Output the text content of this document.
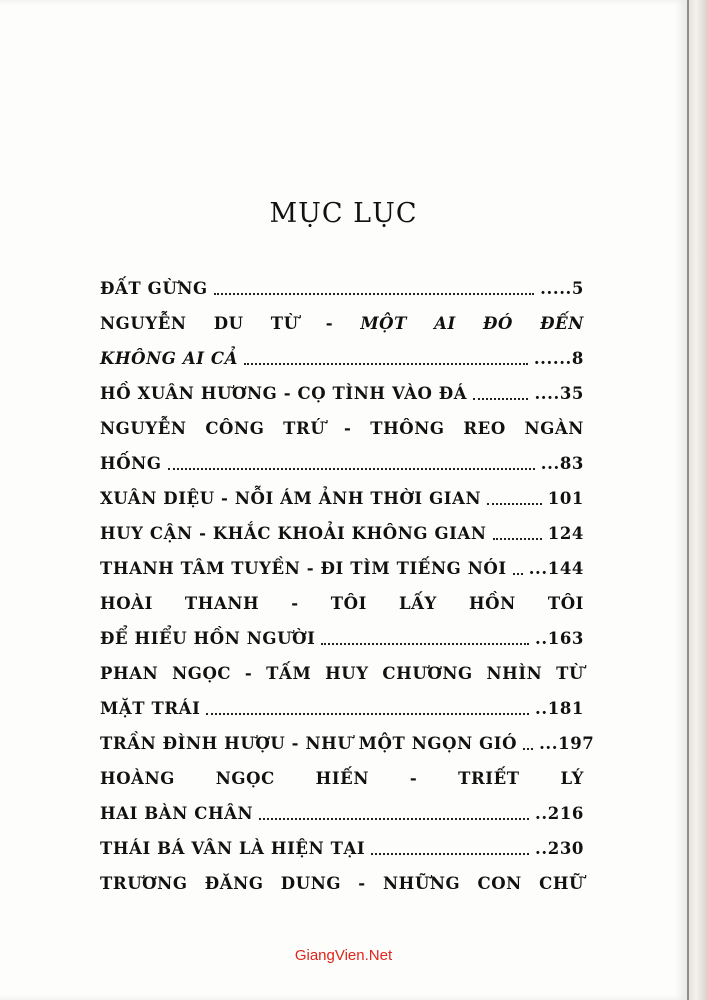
MỤC LỤC
ĐẤT GỪNG	.....5
NGUYỄN DU TỪ - MỘT AI ĐÓ ĐẾN
KHÔNG AI CẢ	......8
HỒ XUÂN HƯƠNG - CỌ TÌNH VÀO ĐÁ	....35
NGUYỄN CÔNG TRỨ - THÔNG REO NGÀN
HỐNG	...83
XUÂN DIỆU - NỖI ÁM ẢNH THỜI GIAN	101
HUY CẬN - KHẮC KHOẢI KHÔNG GIAN	124
THANH TÂM TUYỀN - ĐI TÌM TIẾNG NÓI ...144
HOÀI THANH - TÔI LẤY HỒN TÔI
ĐỂ HIỂU HỒN NGƯỜI	..163
PHAN NGỌC - TẤM HUY CHƯƠNG NHÌN TỪ
MẶT TRÁI	..181
TRẦN ĐÌNH HƯỢU - NHƯ MỘT NGỌN GIÓ ...197
HOÀNG NGỌC HIẾN - TRIẾT LÝ
HAI BÀN CHÂN	..216
THÁI BÁ VÂN LÀ HIỆN TẠI	..230
TRƯƠNG ĐĂNG DUNG - NHỮNG CON CHỮ
GiangVien.Net
